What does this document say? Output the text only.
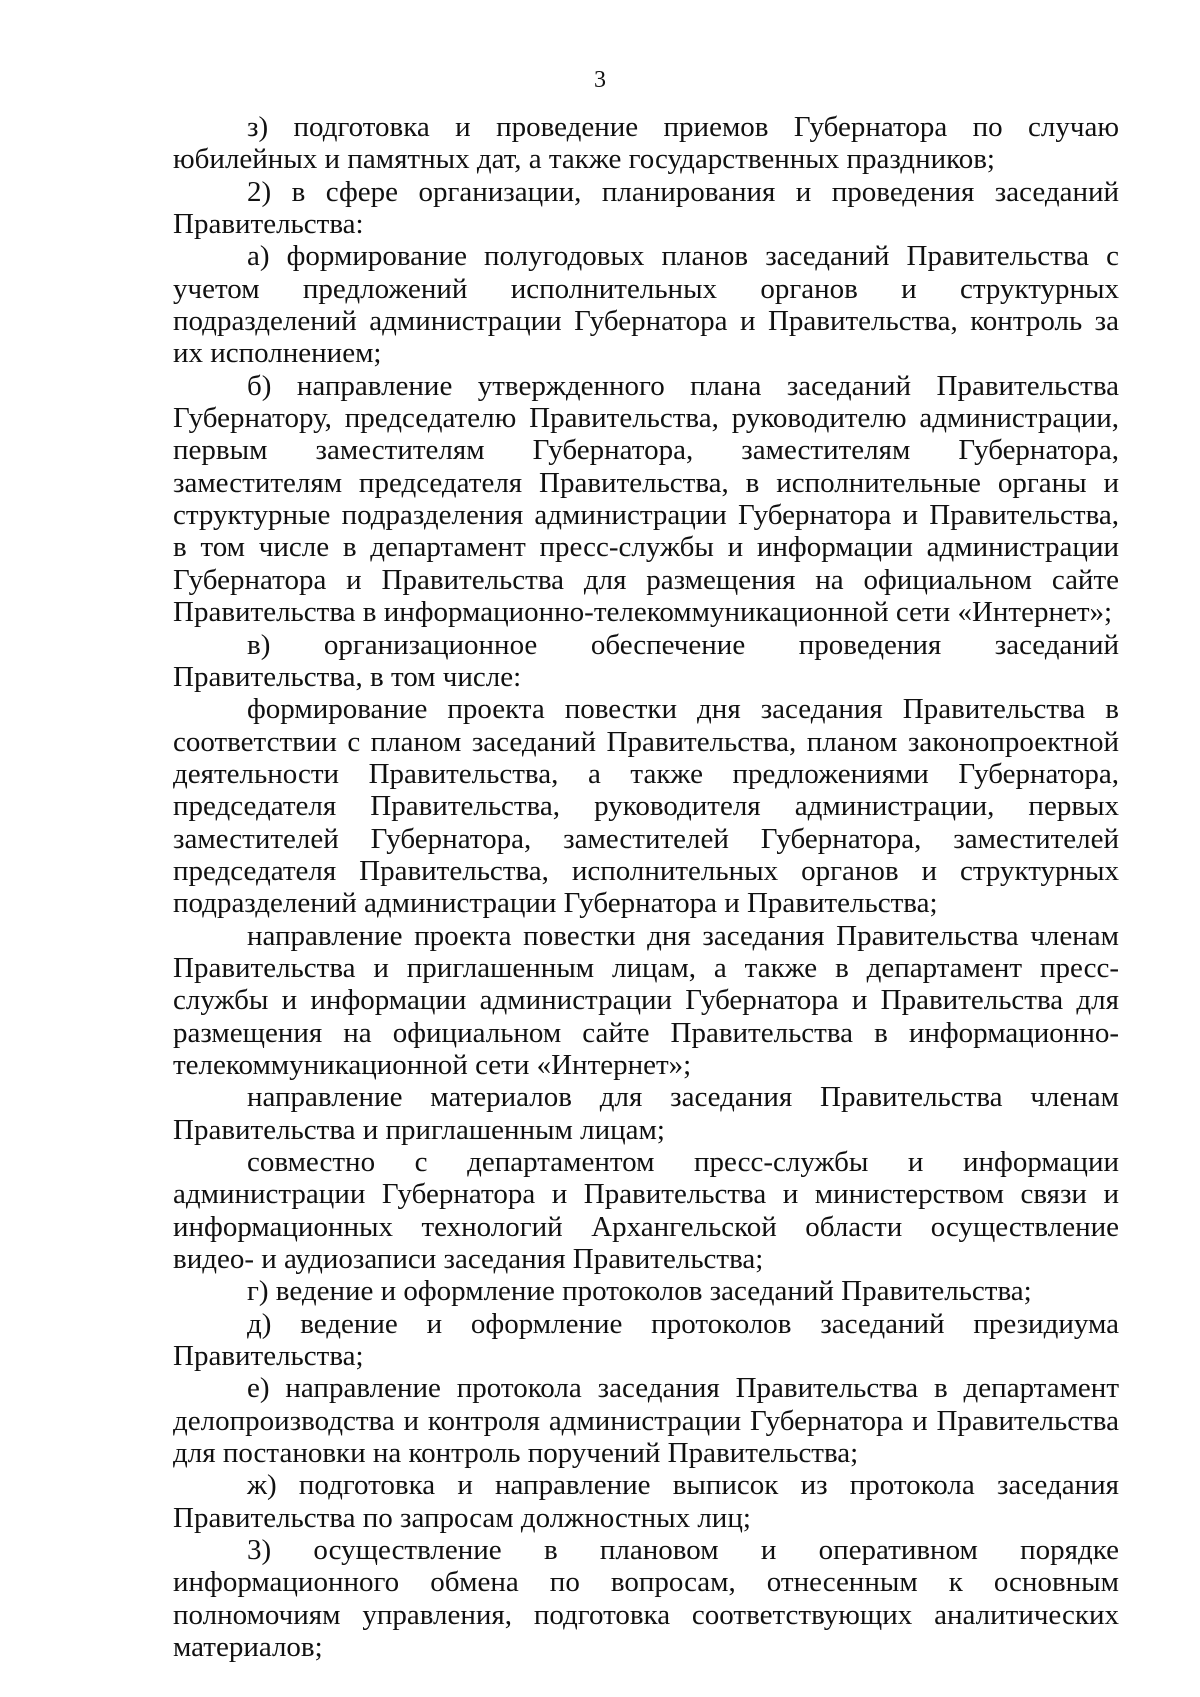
3

з) подготовка и проведение приемов Губернатора по случаю юбилейных и памятных дат, а также государственных праздников;

2) в сфере организации, планирования и проведения заседаний Правительства:

а) формирование полугодовых планов заседаний Правительства с учетом предложений исполнительных органов и структурных подразделений администрации Губернатора и Правительства, контроль за их исполнением;

б) направление утвержденного плана заседаний Правительства Губернатору, председателю Правительства, руководителю администрации, первым заместителям Губернатора, заместителям Губернатора, заместителям председателя Правительства, в исполнительные органы и структурные подразделения администрации Губернатора и Правительства, в том числе в департамент пресс-службы и информации администрации Губернатора и Правительства для размещения на официальном сайте Правительства в информационно-телекоммуникационной сети «Интернет»;

в) организационное обеспечение проведения заседаний Правительства, в том числе:

формирование проекта повестки дня заседания Правительства в соответствии с планом заседаний Правительства, планом законопроектной деятельности Правительства, а также предложениями Губернатора, председателя Правительства, руководителя администрации, первых заместителей Губернатора, заместителей Губернатора, заместителей председателя Правительства, исполнительных органов и структурных подразделений администрации Губернатора и Правительства;

направление проекта повестки дня заседания Правительства членам Правительства и приглашенным лицам, а также в департамент пресс-службы и информации администрации Губернатора и Правительства для размещения на официальном сайте Правительства в информационно-телекоммуникационной сети «Интернет»;

направление материалов для заседания Правительства членам Правительства и приглашенным лицам;

совместно с департаментом пресс-службы и информации администрации Губернатора и Правительства и министерством связи и информационных технологий Архангельской области осуществление видео- и аудиозаписи заседания Правительства;

г) ведение и оформление протоколов заседаний Правительства;

д) ведение и оформление протоколов заседаний президиума Правительства;

е) направление протокола заседания Правительства в департамент делопроизводства и контроля администрации Губернатора и Правительства для постановки на контроль поручений Правительства;

ж) подготовка и направление выписок из протокола заседания Правительства по запросам должностных лиц;

3) осуществление в плановом и оперативном порядке информационного обмена по вопросам, отнесенным к основным полномочиям управления, подготовка соответствующих аналитических материалов;
